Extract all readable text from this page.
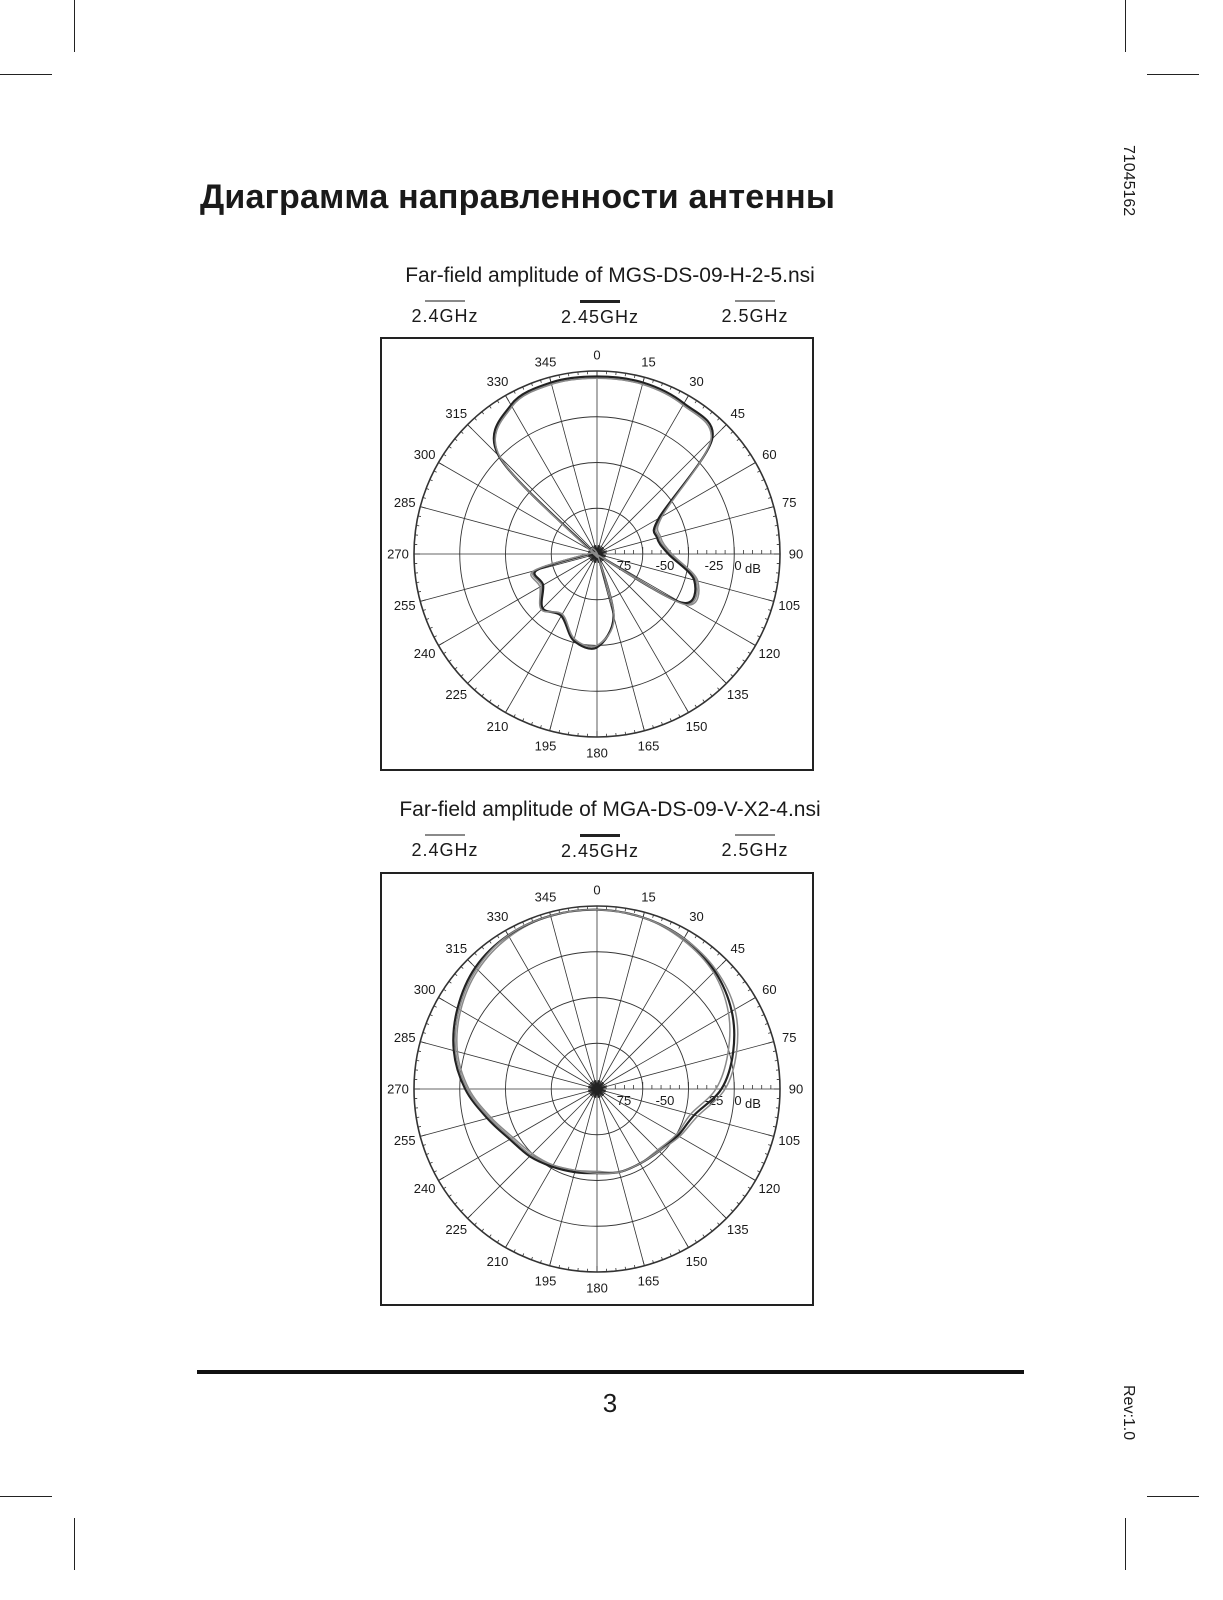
Диаграмма направленности антенны	71045162
Far-field amplitude of MGS-DS-09-H-2-5.nsi
2.4GHz	2.45GHz	2.5GHz
0	15
30
45
60
75
90
105
120
135
150
165
180
195
210
225
240
255
270
285
300
315
330
345
75 -50 -25 0 dB
Far-field amplitude of MGA-DS-09-V-X2-4.nsi
2.4GHz	2.45GHz	2.5GHz
0	15
30
45
60
75
90
105
120
135
150
165
180
195
210
225
240
255
270
285
300
315
330
345
75 -50 -25 0 dB
3	Rev:1.0
